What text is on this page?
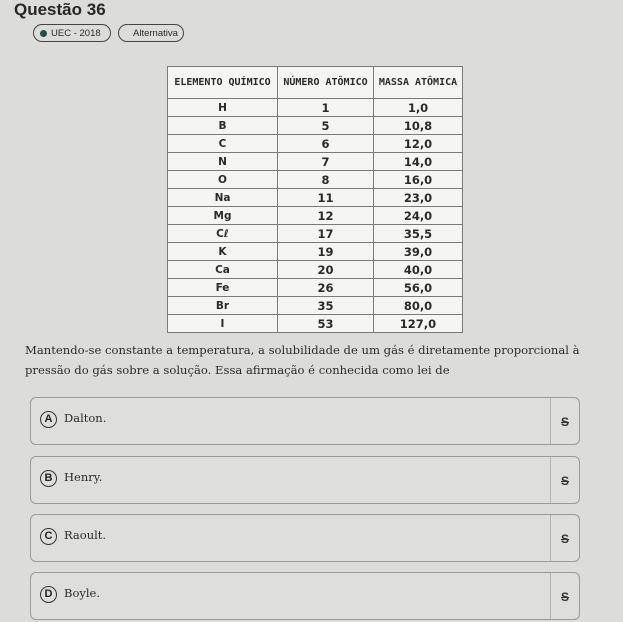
Questão 36
UEC - 2018	Alternativa
ELEMENTO QUÍMICO	NÚMERO ATÔMICO	MASSA ATÔMICA
H	1	1,0
B	5	10,8
C	6	12,0
N	7	14,0
O	8	16,0
Na	11	23,0
Mg	12	24,0
Cℓ	17	35,5
K	19	39,0
Ca	20	40,0
Fe	26	56,0
Br	35	80,0
I	53	127,0
Mantendo-se constante a temperatura, a solubilidade de um gás é diretamente proporcional à pressão do gás sobre a solução. Essa afirmação é conhecida como lei de
A	Dalton.	S
B	Henry.	S
C	Raoult.	S
D	Boyle.	S
